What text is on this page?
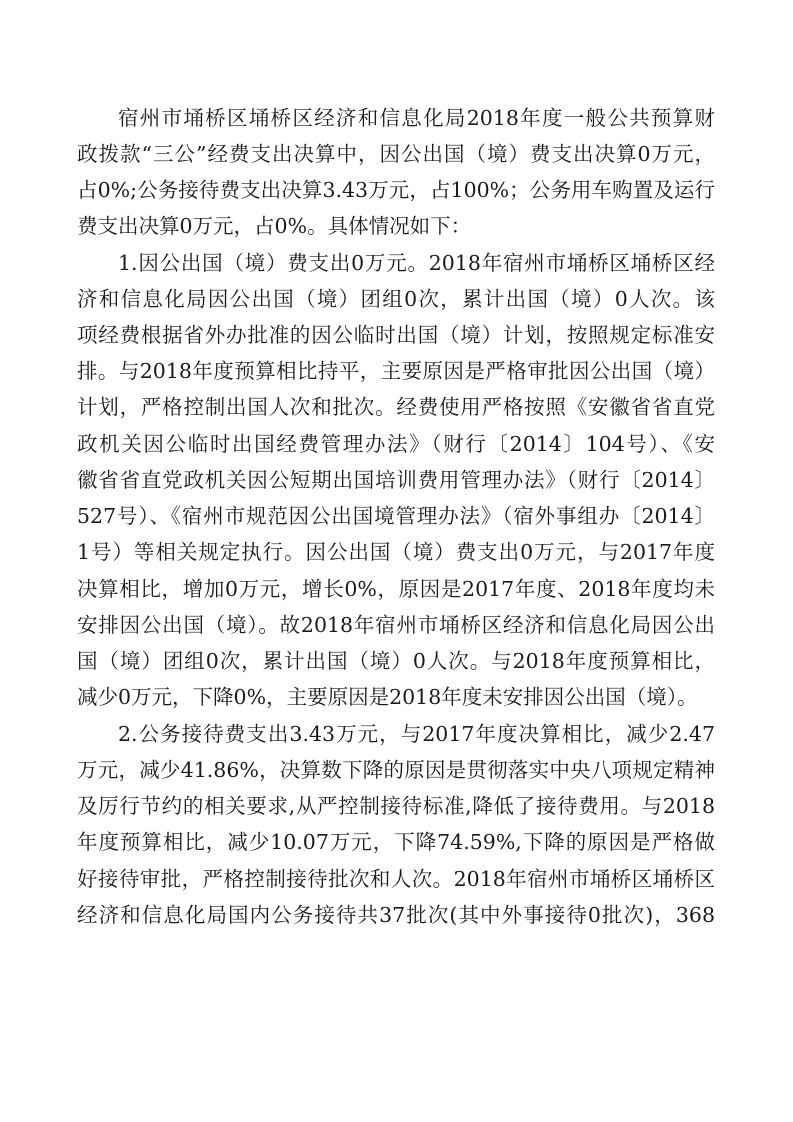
宿州市埇桥区埇桥区经济和信息化局2018年度一般公共预算财

政拨款“三公”经费支出决算中，因公出国（境）费支出决算0万元，

占0%;公务接待费支出决算3.43万元，占100%；公务用车购置及运行

费支出决算0万元，占0%。具体情况如下：

1.因公出国（境）费支出0万元。2018年宿州市埇桥区埇桥区经

济和信息化局因公出国（境）团组0次，累计出国（境）0人次。该

项经费根据省外办批准的因公临时出国（境）计划，按照规定标准安

排。与2018年度预算相比持平，主要原因是严格审批因公出国（境）

计划，严格控制出国人次和批次。经费使用严格按照《安徽省省直党

政机关因公临时出国经费管理办法》（财行〔2014〕104号）、《安

徽省省直党政机关因公短期出国培训费用管理办法》（财行〔2014〕

527号）、《宿州市规范因公出国境管理办法》（宿外事组办〔2014〕

1号）等相关规定执行。因公出国（境）费支出0万元，与2017年度

决算相比，增加0万元，增长0%，原因是2017年度、2018年度均未

安排因公出国（境）。故2018年宿州市埇桥区经济和信息化局因公出

国（境）团组0次，累计出国（境）0人次。与2018年度预算相比，

减少0万元，下降0%，主要原因是2018年度未安排因公出国（境）。

2.公务接待费支出3.43万元，与2017年度决算相比，减少2.47

万元，减少41.86%，决算数下降的原因是贯彻落实中央八项规定精神

及厉行节约的相关要求,从严控制接待标准,降低了接待费用。与2018

年度预算相比，减少10.07万元，下降74.59%,下降的原因是严格做

好接待审批，严格控制接待批次和人次。2018年宿州市埇桥区埇桥区

经济和信息化局国内公务接待共37批次(其中外事接待0批次)，368
